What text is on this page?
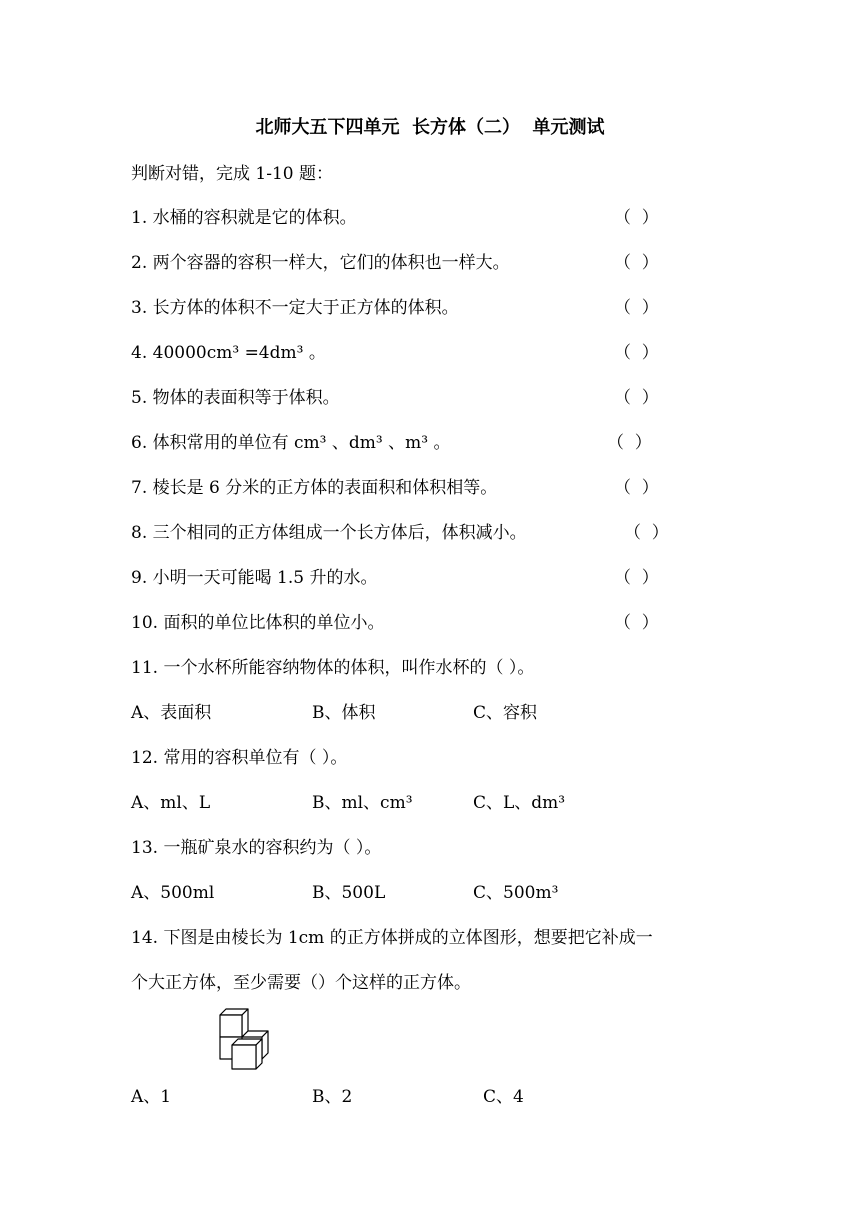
北师大五下四单元  长方体（二）  单元测试
判断对错，完成 1-10 题：
1. 水桶的容积就是它的体积。	（  ）
2. 两个容器的容积一样大，它们的体积也一样大。	（  ）
3. 长方体的体积不一定大于正方体的体积。	（  ）
4. 40000cm³ =4dm³ 。	（  ）
5. 物体的表面积等于体积。	（  ）
6. 体积常用的单位有 cm³ 、dm³ 、m³ 。	（  ）
7. 棱长是 6 分米的正方体的表面积和体积相等。	（  ）
8. 三个相同的正方体组成一个长方体后，体积减小。	（  ）
9. 小明一天可能喝 1.5 升的水。	（  ）
10. 面积的单位比体积的单位小。	（  ）
11. 一个水杯所能容纳物体的体积，叫作水杯的（ ）。
A、表面积	B、体积	C、容积
12. 常用的容积单位有（ ）。
A、ml、L	B、ml、cm³	C、L、dm³
13. 一瓶矿泉水的容积约为（ ）。
A、500ml	B、500L	C、500m³
14. 下图是由棱长为 1cm 的正方体拼成的立体图形，想要把它补成一
个大正方体，至少需要（）个这样的正方体。
A、1	B、2	C、4
